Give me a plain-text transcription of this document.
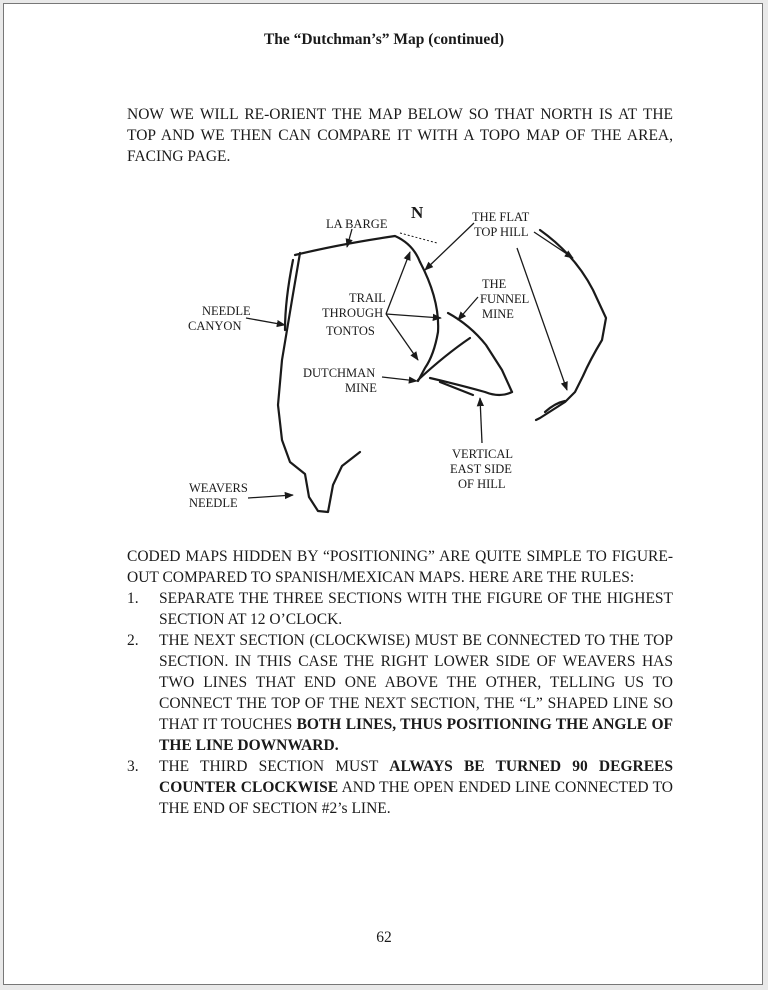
The “Dutchman’s” Map (continued)
NOW WE WILL RE-ORIENT THE MAP BELOW SO THAT NORTH IS AT THE TOP AND WE THEN CAN COMPARE IT WITH A TOPO MAP OF THE AREA, FACING PAGE.
N
LA BARGE	THE FLAT
TOP HILL
NEEDLE
CANYON
TRAIL
THROUGH
TONTOS
THE
FUNNEL
MINE
DUTCHMAN
MINE
VERTICAL
EAST SIDE
OF HILL
WEAVERS
NEEDLE
CODED MAPS HIDDEN BY “POSITIONING” ARE QUITE SIMPLE TO FIGURE-OUT COMPARED TO SPANISH/MEXICAN MAPS. HERE ARE THE RULES:
1. SEPARATE THE THREE SECTIONS WITH THE FIGURE OF THE HIGHEST SECTION AT 12 O’CLOCK.
2. THE NEXT SECTION (CLOCKWISE) MUST BE CONNECTED TO THE TOP SECTION. IN THIS CASE THE RIGHT LOWER SIDE OF WEAVERS HAS TWO LINES THAT END ONE ABOVE THE OTHER, TELLING US TO CONNECT THE TOP OF THE NEXT SECTION, THE “L” SHAPED LINE SO THAT IT TOUCHES BOTH LINES, THUS POSITIONING THE ANGLE OF THE LINE DOWNWARD.
3. THE THIRD SECTION MUST ALWAYS BE TURNED 90 DEGREES COUNTER CLOCKWISE AND THE OPEN ENDED LINE CONNECTED TO THE END OF SECTION #2’s LINE.
62
